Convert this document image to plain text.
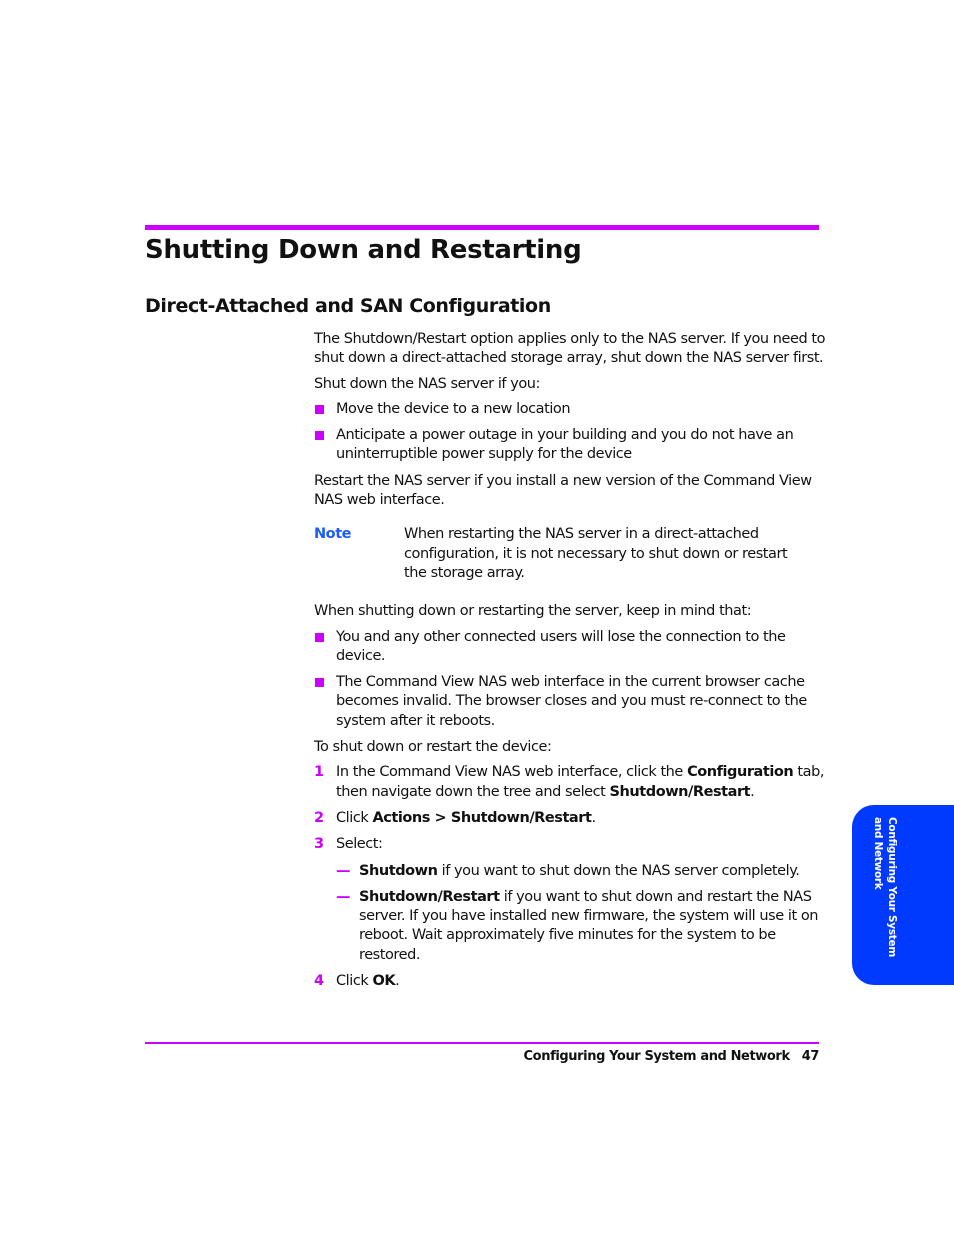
Shutting Down and Restarting
Direct-Attached and SAN Configuration

The Shutdown/Restart option applies only to the NAS server. If you need to shut down a direct-attached storage array, shut down the NAS server first.

Shut down the NAS server if you:

Move the device to a new location
Anticipate a power outage in your building and you do not have an uninterruptible power supply for the device

Restart the NAS server if you install a new version of the Command View NAS web interface.

Note	When restarting the NAS server in a direct-attached configuration, it is not necessary to shut down or restart the storage array.

When shutting down or restarting the server, keep in mind that:

You and any other connected users will lose the connection to the device.
The Command View NAS web interface in the current browser cache becomes invalid. The browser closes and you must re-connect to the system after it reboots.

To shut down or restart the device:

1 In the Command View NAS web interface, click the Configuration tab, then navigate down the tree and select Shutdown/Restart.
2 Click Actions > Shutdown/Restart.
3 Select:
— Shutdown if you want to shut down the NAS server completely.
— Shutdown/Restart if you want to shut down and restart the NAS server. If you have installed new firmware, the system will use it on reboot. Wait approximately five minutes for the system to be restored.
4 Click OK.
Configuring Your System and Network
Configuring Your System and Network 47
